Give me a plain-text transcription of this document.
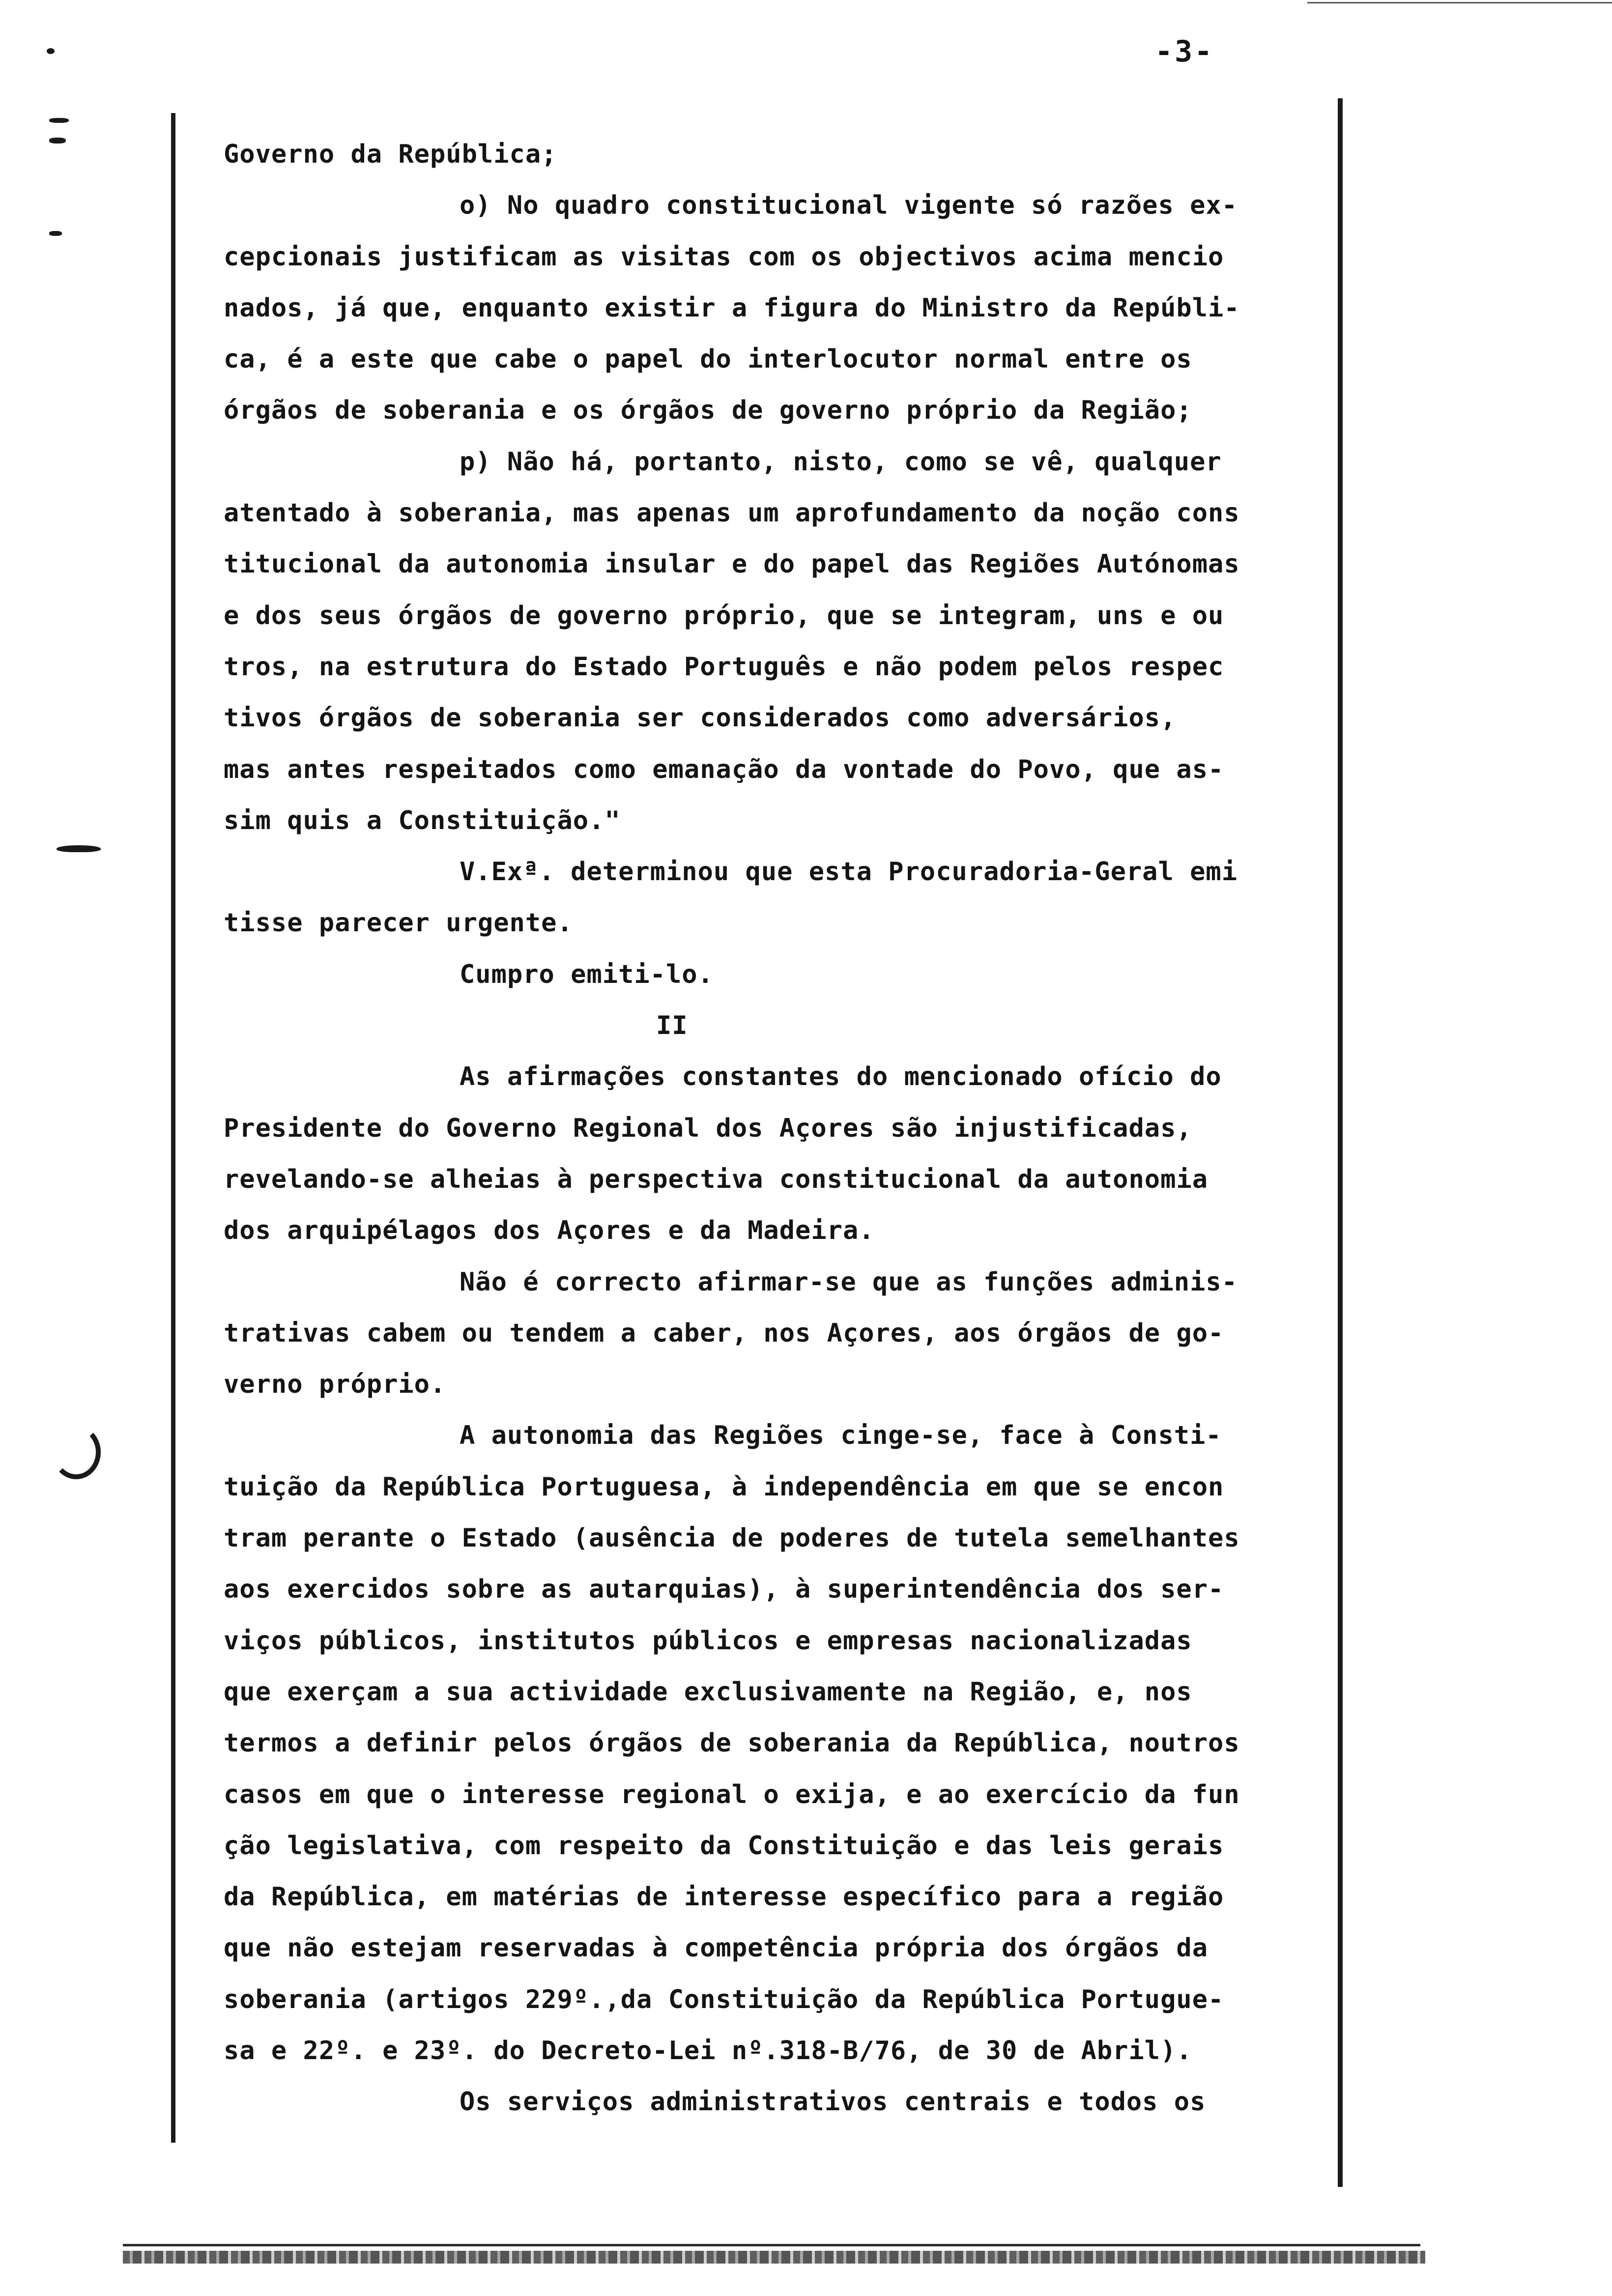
-3-
Governo da República;
o) No quadro constitucional vigente só razões ex-
cepcionais justificam as visitas com os objectivos acima mencio
nados, já que, enquanto existir a figura do Ministro da Repúbli-
ca, é a este que cabe o papel do interlocutor normal entre os
órgãos de soberania e os órgãos de governo próprio da Região;
p) Não há, portanto, nisto, como se vê, qualquer
atentado à soberania, mas apenas um aprofundamento da noção cons
titucional da autonomia insular e do papel das Regiões Autónomas
e dos seus órgãos de governo próprio, que se integram, uns e ou
tros, na estrutura do Estado Português e não podem pelos respec
tivos órgãos de soberania ser considerados como adversários,
mas antes respeitados como emanação da vontade do Povo, que as-
sim quis a Constituição."
V.Exª. determinou que esta Procuradoria-Geral emi
tisse parecer urgente.
Cumpro emiti-lo.
II
As afirmações constantes do mencionado ofício do
Presidente do Governo Regional dos Açores são injustificadas,
revelando-se alheias à perspectiva constitucional da autonomia
dos arquipélagos dos Açores e da Madeira.
Não é correcto afirmar-se que as funções adminis-
trativas cabem ou tendem a caber, nos Açores, aos órgãos de go-
verno próprio.
A autonomia das Regiões cinge-se, face à Consti-
tuição da República Portuguesa, à independência em que se encon
tram perante o Estado (ausência de poderes de tutela semelhantes
aos exercidos sobre as autarquias), à superintendência dos ser-
viços públicos, institutos públicos e empresas nacionalizadas
que exerçam a sua actividade exclusivamente na Região, e, nos
termos a definir pelos órgãos de soberania da República, noutros
casos em que o interesse regional o exija, e ao exercício da fun
ção legislativa, com respeito da Constituição e das leis gerais
da República, em matérias de interesse específico para a região
que não estejam reservadas à competência própria dos órgãos da
soberania (artigos 229º.,da Constituição da República Portugue-
sa e 22º. e 23º. do Decreto-Lei nº.318-B/76, de 30 de Abril).
Os serviços administrativos centrais e todos os
